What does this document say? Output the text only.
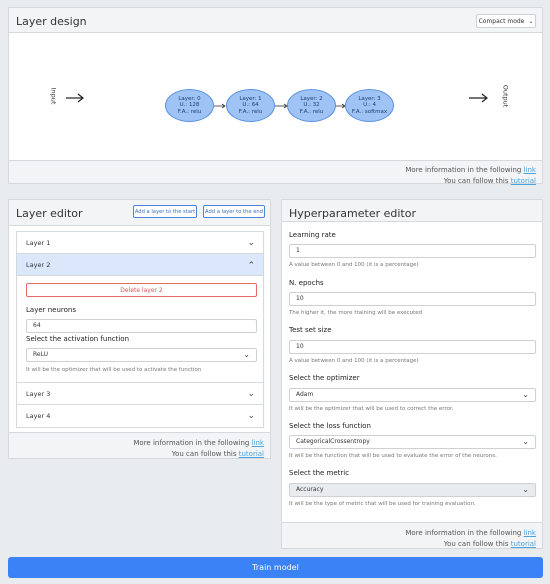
Layer design	Compact mode ⌄
Input	Output
Layer: 0
U.: 128
F.A.: relu
Layer: 1
U.: 64
F.A.: relu
Layer: 2
U.: 32
F.A.: relu
Layer: 3
U.: 4
F.A.: softmax
More information in the following link
You can follow this tutorial
Layer editor	Add a layer to the start	Add a layer to the end
Layer 1	⌄
Layer 2	⌃
Delete layer 2
Layer neurons
64
Select the activation function
ReLU	⌄
It will be the optimizer that will be used to activate the function
Layer 3	⌄
Layer 4	⌄
More information in the following link
You can follow this tutorial
Hyperparameter editor
Learning rate
1
A value between 0 and 100 (it is a percentage)
N. epochs
10
The higher it, the more training will be executed
Test set size
10
A value between 0 and 100 (it is a percentage)
Select the optimizer
Adam	⌄
It will be the optimizer that will be used to correct the error.
Select the loss function
CategoricalCrossentropy	⌄
It will be the function that will be used to evaluate the error of the neurons.
Select the metric
Accuracy	⌄
It will be the type of metric that will be used for training evaluation.
More information in the following link
You can follow this tutorial
Train model
